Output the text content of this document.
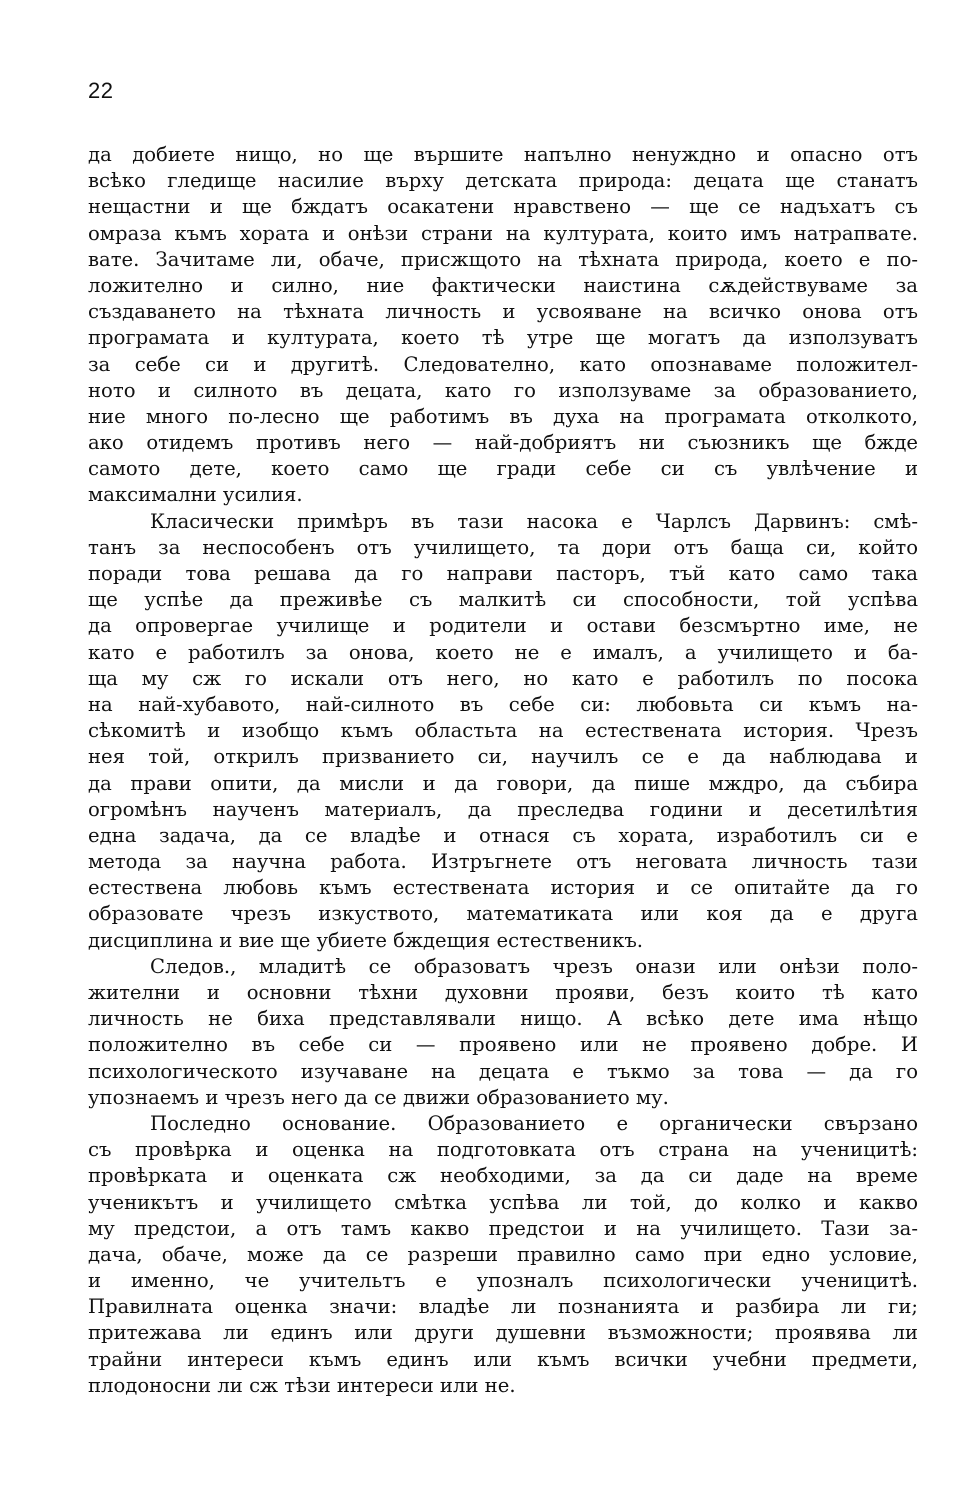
22
да добиете нищо, но ще вършите напълно ненуждно и опасно отъ
всѣко гледище насилие върху детската природа: децата ще станатъ
нещастни и ще бждатъ осакатени нравствено — ще се надъхатъ съ
омраза къмъ хората и онѣзи страни на културата, които имъ натрапвате.
вате. Зачитаме ли, обаче, присжщото на тѣхната природа, което е по-
ложително и силно, ние фактически наистина сѫдействуваме за
създаването на тѣхната личность и усвояване на всичко онова отъ
програмата и културата, което тѣ утре ще могатъ да използуватъ
за себе си и другитѣ. Следователно, като опознаваме положител-
ното и силното въ децата, като го използуваме за образованието,
ние много по-лесно ще работимъ въ духа на програмата отколкото,
ако отидемъ противъ него — най-добриятъ ни съюзникъ ще бжде
самото дете, което само ще гради себе си съ увлѣчение и
максимални усилия.
Класически примѣръ въ тази насока е Чарлсъ Дарвинъ: смѣ-
танъ за неспособенъ отъ училището, та дори отъ баща си, който
поради това решава да го направи пасторъ, тъй като само така
ще успѣе да преживѣе съ малкитѣ си способности, той успѣва
да опровергае училище и родители и остави безсмъртно име, не
като е работилъ за онова, което не е ималъ, а училището и ба-
ща му сж го искали отъ него, но като е работилъ по посока
на най-хубавото, най-силното въ себе си: любовьта си къмъ на-
сѣкомитѣ и изобщо къмъ областьта на естествената история. Чрезъ
нея той, открилъ призванието си, научилъ се е да наблюдава и
да прави опити, да мисли и да говори, да пише мждро, да събира
огромѣнъ наученъ материалъ, да преследва години и десетилѣтия
една задача, да се владѣе и отнася съ хората, изработилъ си е
метода за научна работа. Изтръгнете отъ неговата личность тази
естествена любовь къмъ естествената история и се опитайте да го
образовате чрезъ изкуството, математиката или коя да е друга
дисциплина и вие ще убиете бждещия естественикъ.
Следов., младитѣ се образоватъ чрезъ онази или онѣзи поло-
жителни и основни тѣхни духовни прояви, безъ които тѣ като
личность не биха представлявали нищо. А всѣко дете има нѣщо
положително въ себе си — проявено или не проявено добре. И
психологическото изучаване на децата е тъкмо за това — да го
упознаемъ и чрезъ него да се движи образованието му.
Последно основание. Образованието е органически свързано
съ провѣрка и оценка на подготовката отъ страна на ученицитѣ:
провѣрката и оценката сж необходими, за да си даде на време
ученикътъ и училището смѣтка успѣва ли той, до колко и какво
му предстои, а отъ тамъ какво предстои и на училището. Тази за-
дача, обаче, може да се разреши правилно само при едно условие,
и именно, че учительтъ е упозналъ психологически ученицитѣ.
Правилната оценка значи: владѣе ли познанията и разбира ли ги;
притежава ли единъ или други душевни възможности; проявява ли
трайни интереси къмъ единъ или къмъ всички учебни предмети,
плодоносни ли сж тѣзи интереси или не.
